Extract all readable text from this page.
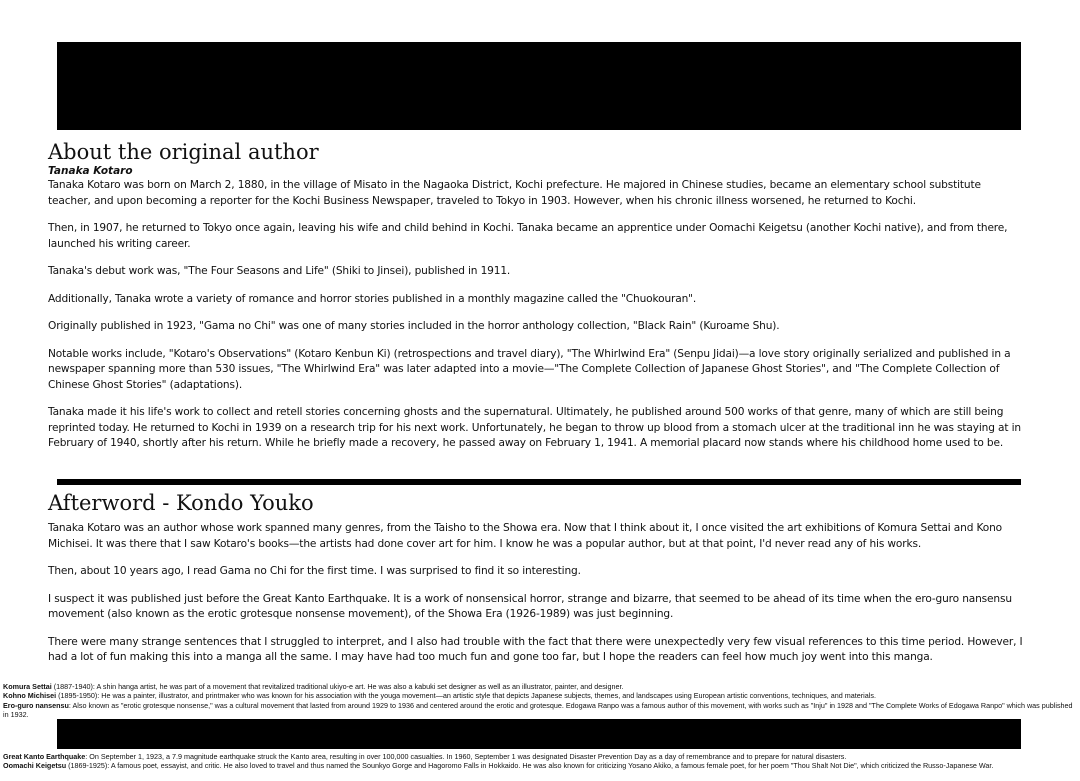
About the original author
Tanaka Kotaro

Tanaka Kotaro was born on March 2, 1880, in the village of Misato in the Nagaoka District, Kochi prefecture. He majored in Chinese studies, became an elementary school substitute teacher, and upon becoming a reporter for the Kochi Business Newspaper, traveled to Tokyo in 1903. However, when his chronic illness worsened, he returned to Kochi.

Then, in 1907, he returned to Tokyo once again, leaving his wife and child behind in Kochi. Tanaka became an apprentice under Oomachi Keigetsu (another Kochi native), and from there, launched his writing career.

Tanaka's debut work was, "The Four Seasons and Life" (Shiki to Jinsei), published in 1911.

Additionally, Tanaka wrote a variety of romance and horror stories published in a monthly magazine called the "Chuokouran".

Originally published in 1923, "Gama no Chi" was one of many stories included in the horror anthology collection, "Black Rain" (Kuroame Shu).

Notable works include, "Kotaro's Observations" (Kotaro Kenbun Ki) (retrospections and travel diary), "The Whirlwind Era" (Senpu Jidai)—a love story originally serialized and published in a newspaper spanning more than 530 issues, "The Whirlwind Era" was later adapted into a movie—"The Complete Collection of Japanese Ghost Stories", and "The Complete Collection of Chinese Ghost Stories" (adaptations).

Tanaka made it his life's work to collect and retell stories concerning ghosts and the supernatural. Ultimately, he published around 500 works of that genre, many of which are still being reprinted today. He returned to Kochi in 1939 on a research trip for his next work. Unfortunately, he began to throw up blood from a stomach ulcer at the traditional inn he was staying at in February of 1940, shortly after his return. While he briefly made a recovery, he passed away on February 1, 1941. A memorial placard now stands where his childhood home used to be.

Afterword - Kondo Youko

Tanaka Kotaro was an author whose work spanned many genres, from the Taisho to the Showa era. Now that I think about it, I once visited the art exhibitions of Komura Settai and Kono Michisei. It was there that I saw Kotaro's books—the artists had done cover art for him. I know he was a popular author, but at that point, I'd never read any of his works.

Then, about 10 years ago, I read Gama no Chi for the first time. I was surprised to find it so interesting.

I suspect it was published just before the Great Kanto Earthquake. It is a work of nonsensical horror, strange and bizarre, that seemed to be ahead of its time when the ero-guro nansensu movement (also known as the erotic grotesque nonsense movement), of the Showa Era (1926-1989) was just beginning.

There were many strange sentences that I struggled to interpret, and I also had trouble with the fact that there were unexpectedly very few visual references to this time period. However, I had a lot of fun making this into a manga all the same. I may have had too much fun and gone too far, but I hope the readers can feel how much joy went into this manga.

Komura Settai (1887-1940): A shin hanga artist, he was part of a movement that revitalized traditional ukiyo-e art. He was also a kabuki set designer as well as an illustrator, painter, and designer.

Kohno Michisei (1895-1950): He was a painter, illustrator, and printmaker who was known for his association with the youga movement—an artistic style that depicts Japanese subjects, themes, and landscapes using European artistic conventions, techniques, and materials.

Ero-guro nansensu: Also known as "erotic grotesque nonsense," was a cultural movement that lasted from around 1929 to 1936 and centered around the erotic and grotesque. Edogawa Ranpo was a famous author of this movement, with works such as "Inju" in 1928 and "The Complete Works of Edogawa Ranpo" which was published in 1932.

Great Kanto Earthquake: On September 1, 1923, a 7.9 magnitude earthquake struck the Kanto area, resulting in over 100,000 casualties. In 1960, September 1 was designated Disaster Prevention Day as a day of remembrance and to prepare for natural disasters.

Oomachi Keigetsu (1869-1925): A famous poet, essayist, and critic. He also loved to travel and thus named the Sounkyo Gorge and Hagoromo Falls in Hokkaido. He was also known for criticizing Yosano Akiko, a famous female poet, for her poem "Thou Shalt Not Die", which criticized the Russo-Japanese War.
